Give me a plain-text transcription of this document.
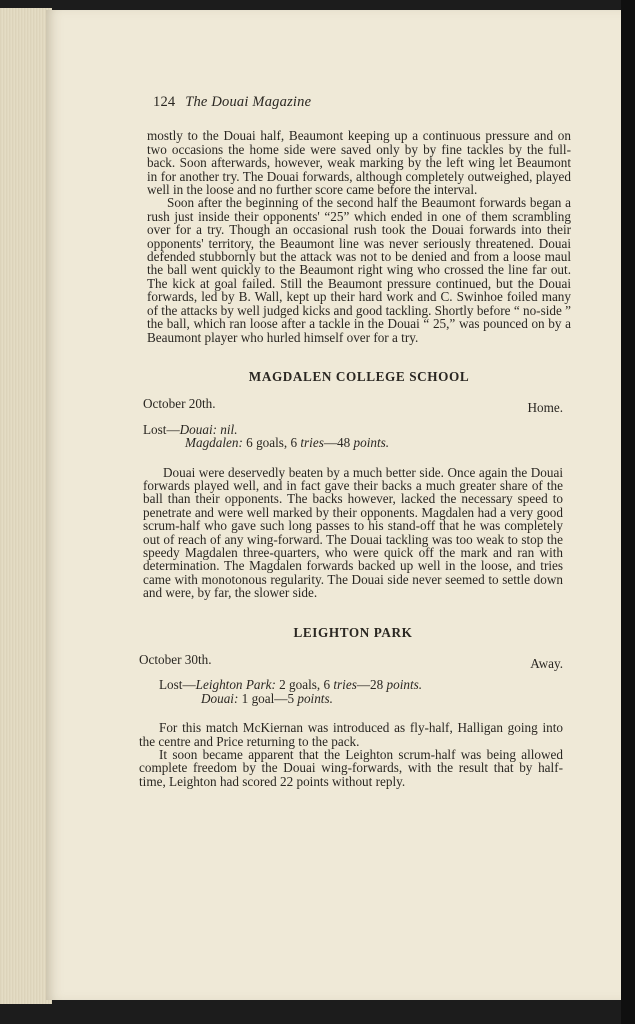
124 The Douai Magazine

mostly to the Douai half, Beaumont keeping up a continuous pressure and on two occasions the home side were saved only by by fine tackles by the full-back. Soon afterwards, however, weak marking by the left wing let Beaumont in for another try. The Douai forwards, although completely outweighed, played well in the loose and no further score came before the interval.

Soon after the beginning of the second half the Beaumont forwards began a rush just inside their opponents' “25” which ended in one of them scrambling over for a try. Though an occasional rush took the Douai forwards into their opponents' territory, the Beaumont line was never seriously threatened. Douai defended stubbornly but the attack was not to be denied and from a loose maul the ball went quickly to the Beaumont right wing who crossed the line far out. The kick at goal failed. Still the Beaumont pressure continued, but the Douai forwards, led by B. Wall, kept up their hard work and C. Swinhoe foiled many of the attacks by well judged kicks and good tackling. Shortly before “ no-side ” the ball, which ran loose after a tackle in the Douai “ 25,” was pounced on by a Beaumont player who hurled himself over for a try.

MAGDALEN COLLEGE SCHOOL
October 20th.	Home.
Lost—Douai: nil.
Magdalen: 6 goals, 6 tries—48 points.

Douai were deservedly beaten by a much better side. Once again the Douai forwards played well, and in fact gave their backs a much greater share of the ball than their opponents. The backs however, lacked the necessary speed to penetrate and were well marked by their opponents. Magdalen had a very good scrum-half who gave such long passes to his stand-off that he was completely out of reach of any wing-forward. The Douai tackling was too weak to stop the speedy Magdalen three-quarters, who were quick off the mark and ran with determination. The Magdalen forwards backed up well in the loose, and tries came with monotonous regularity. The Douai side never seemed to settle down and were, by far, the slower side.

LEIGHTON PARK
October 30th.	Away.
Lost—Leighton Park: 2 goals, 6 tries—28 points.
Douai: 1 goal—5 points.

For this match McKiernan was introduced as fly-half, Halligan going into the centre and Price returning to the pack.

It soon became apparent that the Leighton scrum-half was being allowed complete freedom by the Douai wing-forwards, with the result that by half-time, Leighton had scored 22 points without reply.
